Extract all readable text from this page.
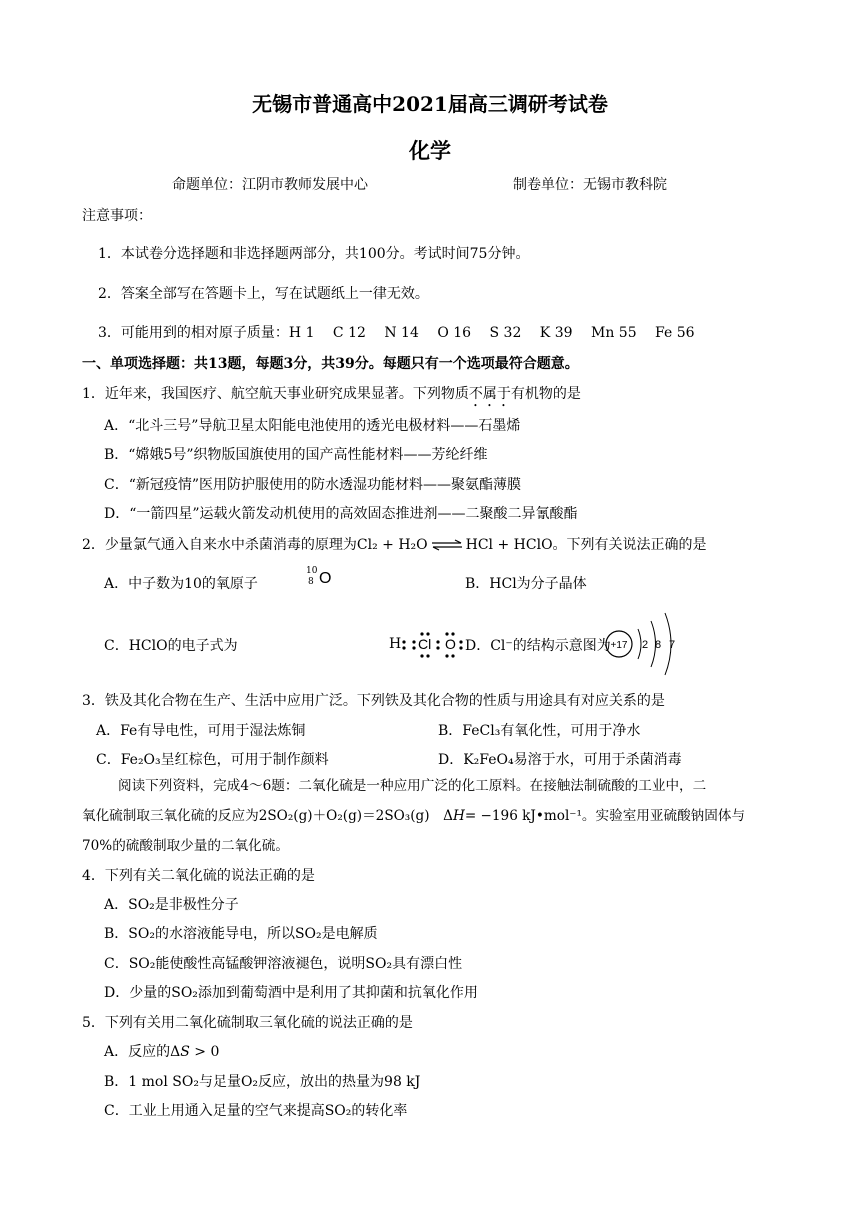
无锡市普通高中2021届高三调研考试卷
化学
命题单位：江阴市教师发展中心	制卷单位：无锡市教科院
注意事项：
1．本试卷分选择题和非选择题两部分，共100分。考试时间75分钟。
2．答案全部写在答题卡上，写在试题纸上一律无效。
3．可能用到的相对原子质量：H 1　 C 12　 N 14　 O 16　 S 32　 K 39　 Mn 55　 Fe 56
一、单项选择题：共13题，每题3分，共39分。每题只有一个选项最符合题意。
1．近年来，我国医疗、航空航天事业研究成果显著。下列物质不属于有机物的是
A．“北斗三号”导航卫星太阳能电池使用的透光电极材料——石墨烯
B．“嫦娥5号”织物版国旗使用的国产高性能材料——芳纶纤维
C．“新冠疫情”医用防护服使用的防水透湿功能材料——聚氨酯薄膜
D．“一箭四星”运载火箭发动机使用的高效固态推进剂——二聚酸二异氰酸酯
2．少量氯气通入自来水中杀菌消毒的原理为Cl₂ + H₂O ⇌ HCl + HClO。下列有关说法正确的是
A．中子数为10的氧原子
10
8 O	B．HCl为分子晶体
C．HClO的电子式为	H Cl O D．Cl⁻的结构示意图为 +17 2 8 7
3．铁及其化合物在生产、生活中应用广泛。下列铁及其化合物的性质与用途具有对应关系的是
A．Fe有导电性，可用于湿法炼铜	B．FeCl₃有氧化性，可用于净水
C．Fe₂O₃呈红棕色，可用于制作颜料	D．K₂FeO₄易溶于水，可用于杀菌消毒
阅读下列资料，完成4～6题：二氧化硫是一种应用广泛的化工原料。在接触法制硫酸的工业中，二
氧化硫制取三氧化硫的反应为2SO₂(g)＋O₂(g)＝2SO₃(g)　ΔH= −196 kJ•mol⁻¹。实验室用亚硫酸钠固体与
70%的硫酸制取少量的二氧化硫。
4．下列有关二氧化硫的说法正确的是
A．SO₂是非极性分子
B．SO₂的水溶液能导电，所以SO₂是电解质
C．SO₂能使酸性高锰酸钾溶液褪色，说明SO₂具有漂白性
D．少量的SO₂添加到葡萄酒中是利用了其抑菌和抗氧化作用
5．下列有关用二氧化硫制取三氧化硫的说法正确的是
A．反应的ΔS > 0
B．1 mol SO₂与足量O₂反应，放出的热量为98 kJ
C．工业上用通入足量的空气来提高SO₂的转化率
